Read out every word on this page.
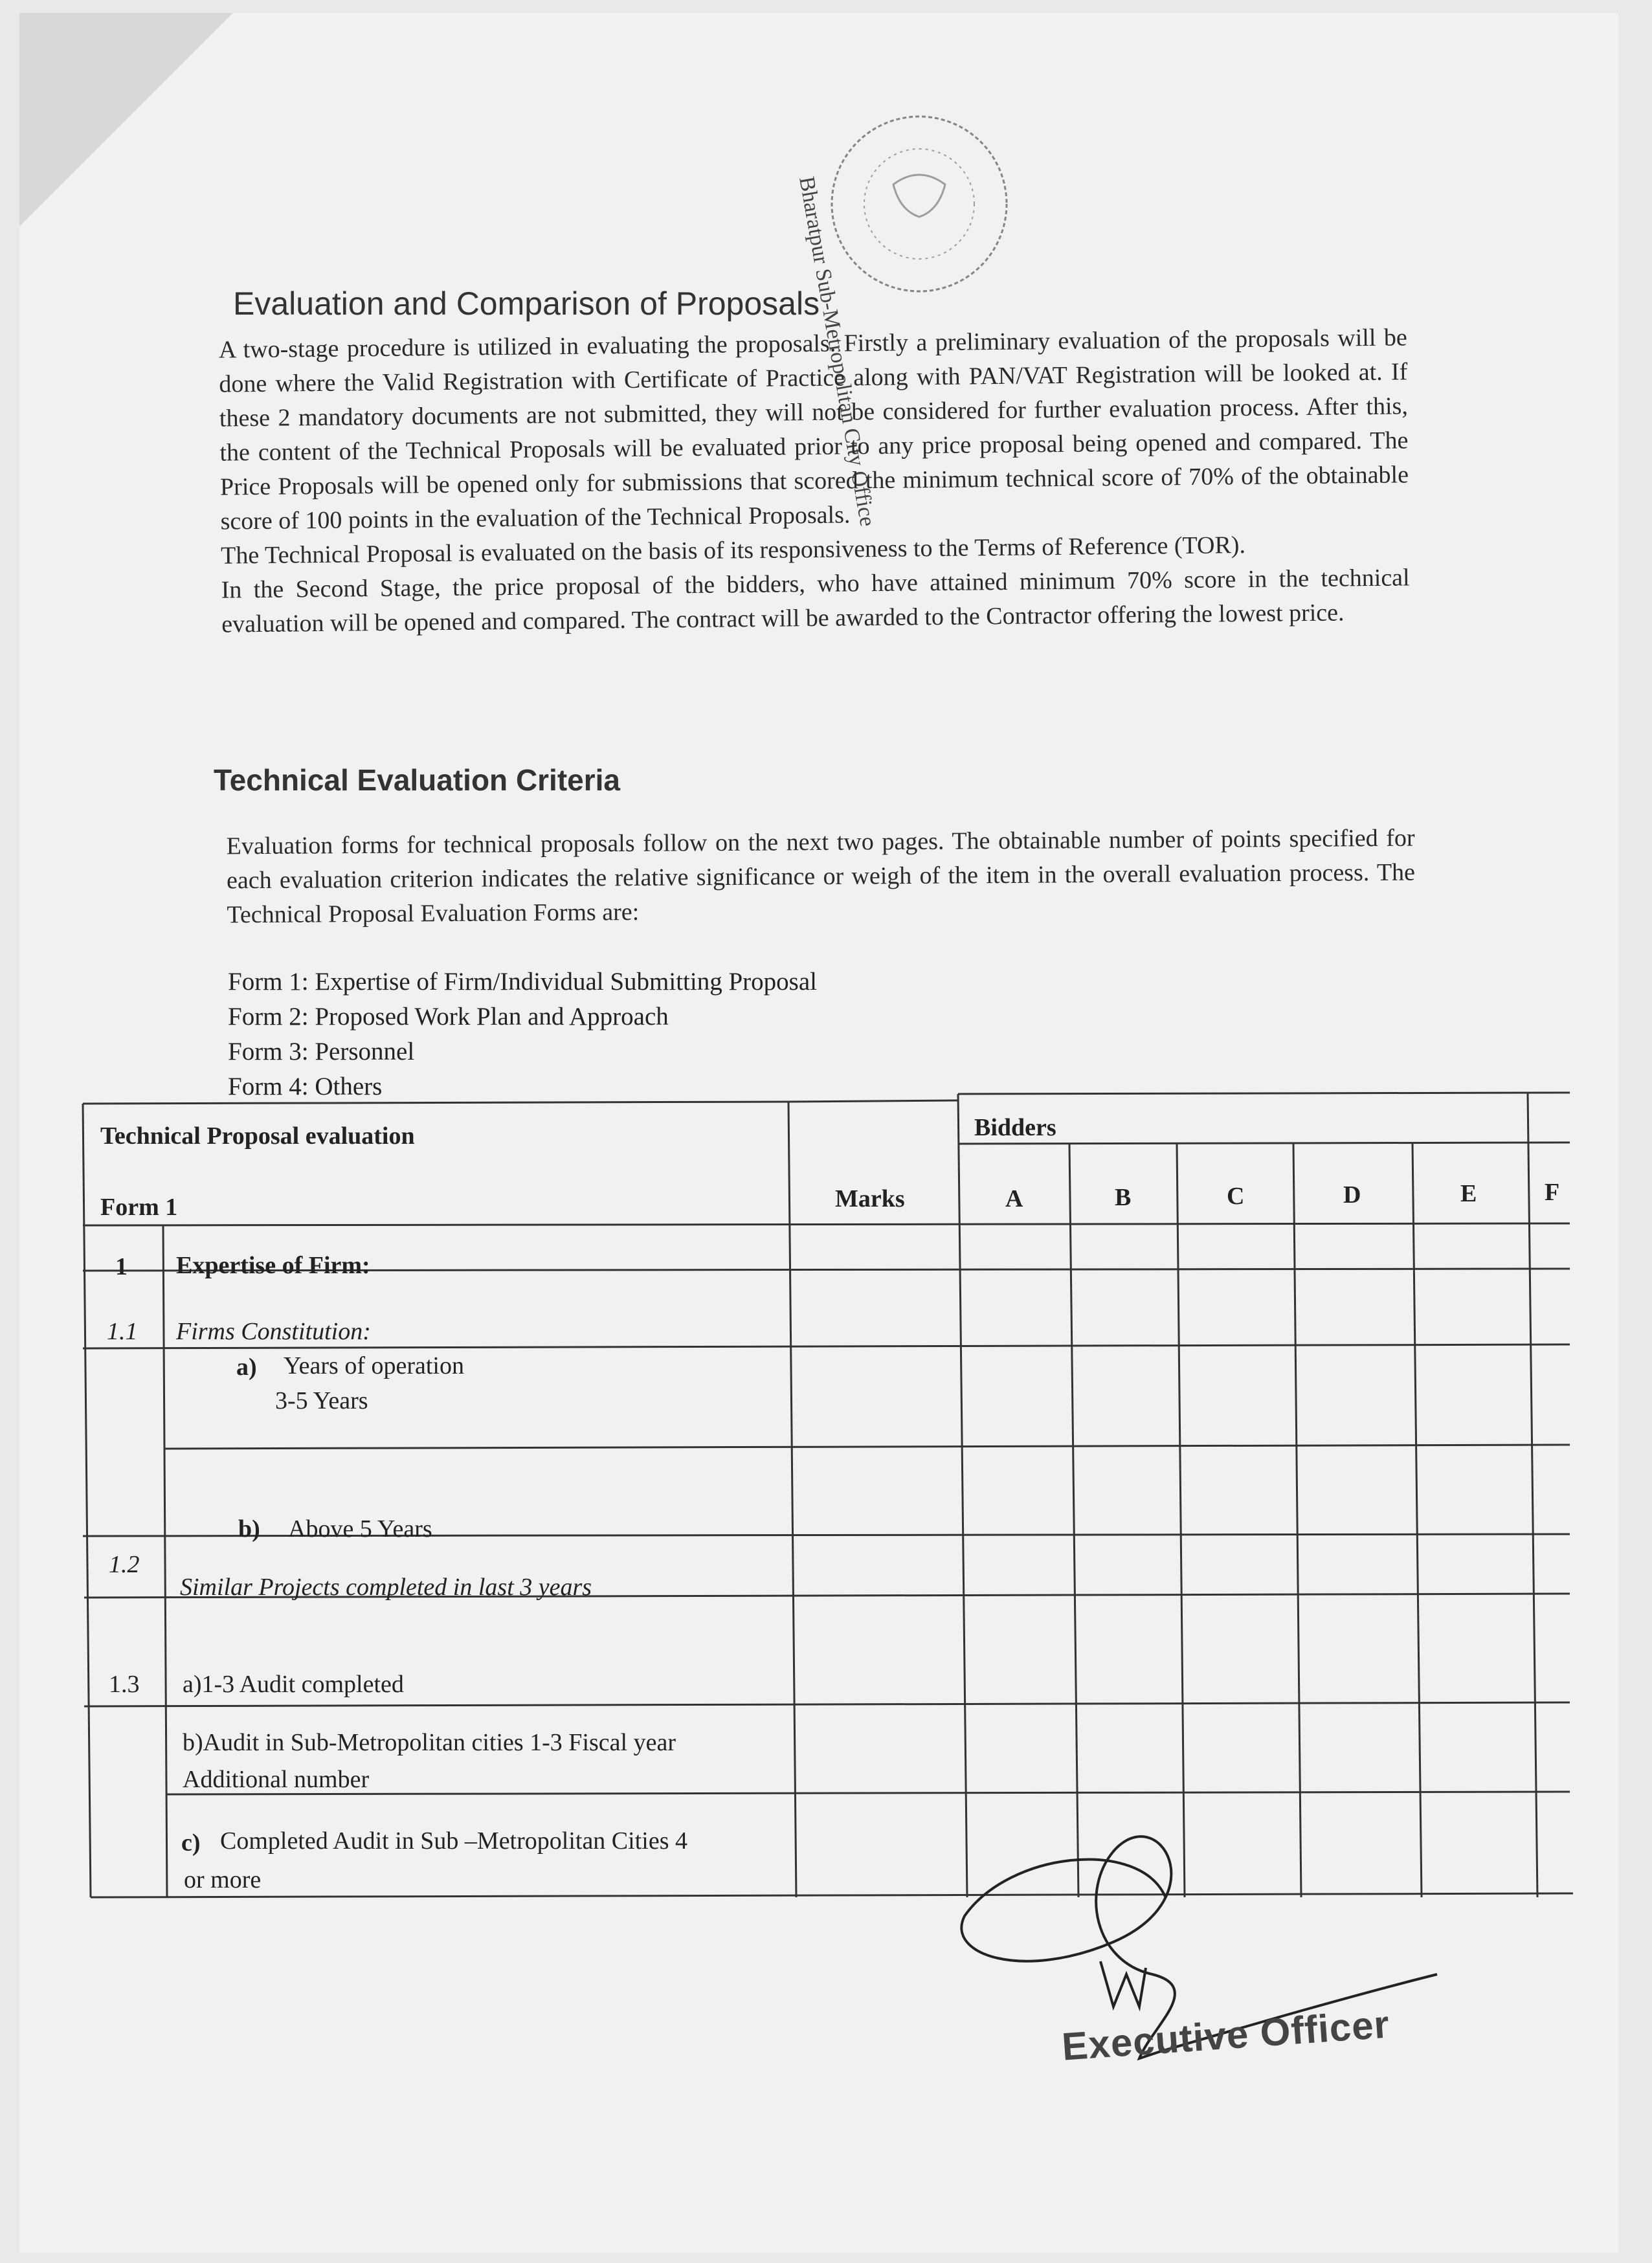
Bharatpur Sub-Metropolitan City Office
Evaluation and Comparison of Proposals
A two-stage procedure is utilized in evaluating the proposals. Firstly a preliminary evaluation of the proposals will be done where the Valid Registration with Certificate of Practice along with PAN/VAT Registration will be looked at. If these 2 mandatory documents are not submitted, they will not be considered for further evaluation process. After this, the content of the Technical Proposals will be evaluated prior to any price proposal being opened and compared. The Price Proposals will be opened only for submissions that scored the minimum technical score of 70% of the obtainable score of 100 points in the evaluation of the Technical Proposals.
The Technical Proposal is evaluated on the basis of its responsiveness to the Terms of Reference (TOR).
In the Second Stage, the price proposal of the bidders, who have attained minimum 70% score in the technical evaluation will be opened and compared. The contract will be awarded to the Contractor offering the lowest price.
Technical Evaluation Criteria
Evaluation forms for technical proposals follow on the next two pages. The obtainable number of points specified for each evaluation criterion indicates the relative significance or weigh of the item in the overall evaluation process. The Technical Proposal Evaluation Forms are:
Form 1: Expertise of Firm/Individual Submitting Proposal
Form 2: Proposed Work Plan and Approach
Form 3: Personnel
Form 4: Others
Technical Proposal evaluation
Form 1	Marks
Bidders
A	B	C	D	E	F
1 Expertise of Firm:
1.1 Firms Constitution:
a) Years of operation
3-5 Years
b) Above 5 Years
1.2
Similar Projects completed in last 3 years
1.3 a)1-3 Audit completed
b)Audit in Sub-Metropolitan cities 1-3 Fiscal year
Additional number
c) Completed Audit in Sub –Metropolitan Cities 4
or more
Executive Officer
